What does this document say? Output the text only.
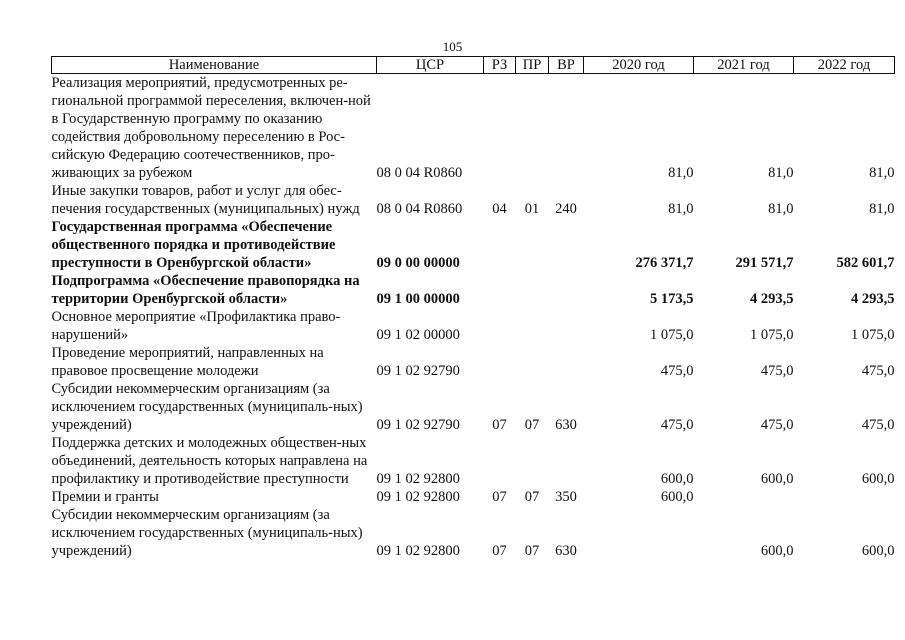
105
Наименование	ЦСР	РЗ	ПР	ВР	2020 год	2021 год	2022 год
Реализация мероприятий, предусмотренных ре-гиональной программой переселения, включен-ной в Государственную программу по оказанию содействия добровольному переселению в Рос-сийскую Федерацию соотечественников, про-живающих за рубежом	08 0 04 R0860				81,0	81,0	81,0
Иные закупки товаров, работ и услуг для обес-печения государственных (муниципальных) нужд	08 0 04 R0860	04	01	240	81,0	81,0	81,0
Государственная программа «Обеспечение общественного порядка и противодействие преступности в Оренбургской области»	09 0 00 00000				276 371,7	291 571,7	582 601,7
Подпрограмма «Обеспечение правопорядка на территории Оренбургской области»	09 1 00 00000				5 173,5	4 293,5	4 293,5
Основное мероприятие «Профилактика право-нарушений»	09 1 02 00000				1 075,0	1 075,0	1 075,0
Проведение мероприятий, направленных на правовое просвещение молодежи	09 1 02 92790				475,0	475,0	475,0
Субсидии некоммерческим организациям (за исключением государственных (муниципаль-ных) учреждений)	09 1 02 92790	07	07	630	475,0	475,0	475,0
Поддержка детских и молодежных обществен-ных объединений, деятельность которых направлена на профилактику и противодействие преступности	09 1 02 92800				600,0	600,0	600,0
Премии и гранты	09 1 02 92800	07	07	350	600,0		
Субсидии некоммерческим организациям (за исключением государственных (муниципаль-ных) учреждений)	09 1 02 92800	07	07	630		600,0	600,0
